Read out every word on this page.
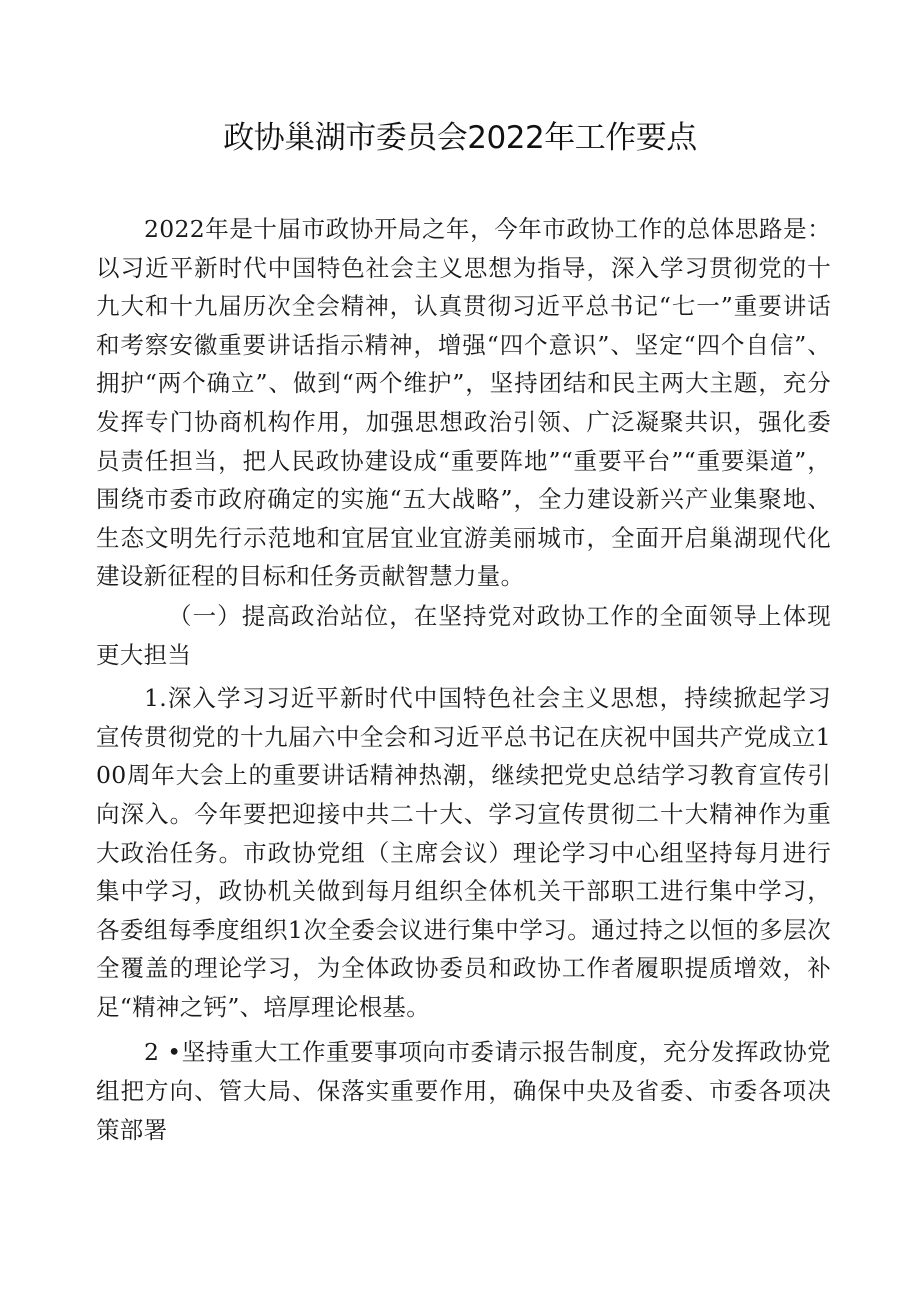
政协巢湖市委员会2022年工作要点

2022年是十届市政协开局之年，今年市政协工作的总体思路是：以习近平新时代中国特色社会主义思想为指导，深入学习贯彻党的十九大和十九届历次全会精神，认真贯彻习近平总书记“七一”重要讲话和考察安徽重要讲话指示精神，增强“四个意识”、坚定“四个自信”、拥护“两个确立”、做到“两个维护”，坚持团结和民主两大主题，充分发挥专门协商机构作用，加强思想政治引领、广泛凝聚共识，强化委员责任担当，把人民政协建设成“重要阵地”“重要平台”“重要渠道”，围绕市委市政府确定的实施“五大战略”，全力建设新兴产业集聚地、生态文明先行示范地和宜居宜业宜游美丽城市，全面开启巢湖现代化建设新征程的目标和任务贡献智慧力量。

（一）提高政治站位，在坚持党对政协工作的全面领导上体现更大担当

1.深入学习习近平新时代中国特色社会主义思想，持续掀起学习宣传贯彻党的十九届六中全会和习近平总书记在庆祝中国共产党成立100周年大会上的重要讲话精神热潮，继续把党史总结学习教育宣传引向深入。今年要把迎接中共二十大、学习宣传贯彻二十大精神作为重大政治任务。市政协党组（主席会议）理论学习中心组坚持每月进行集中学习，政协机关做到每月组织全体机关干部职工进行集中学习，各委组每季度组织1次全委会议进行集中学习。通过持之以恒的多层次全覆盖的理论学习，为全体政协委员和政协工作者履职提质增效，补足“精神之钙”、培厚理论根基。

2 •坚持重大工作重要事项向市委请示报告制度，充分发挥政协党组把方向、管大局、保落实重要作用，确保中央及省委、市委各项决策部署
